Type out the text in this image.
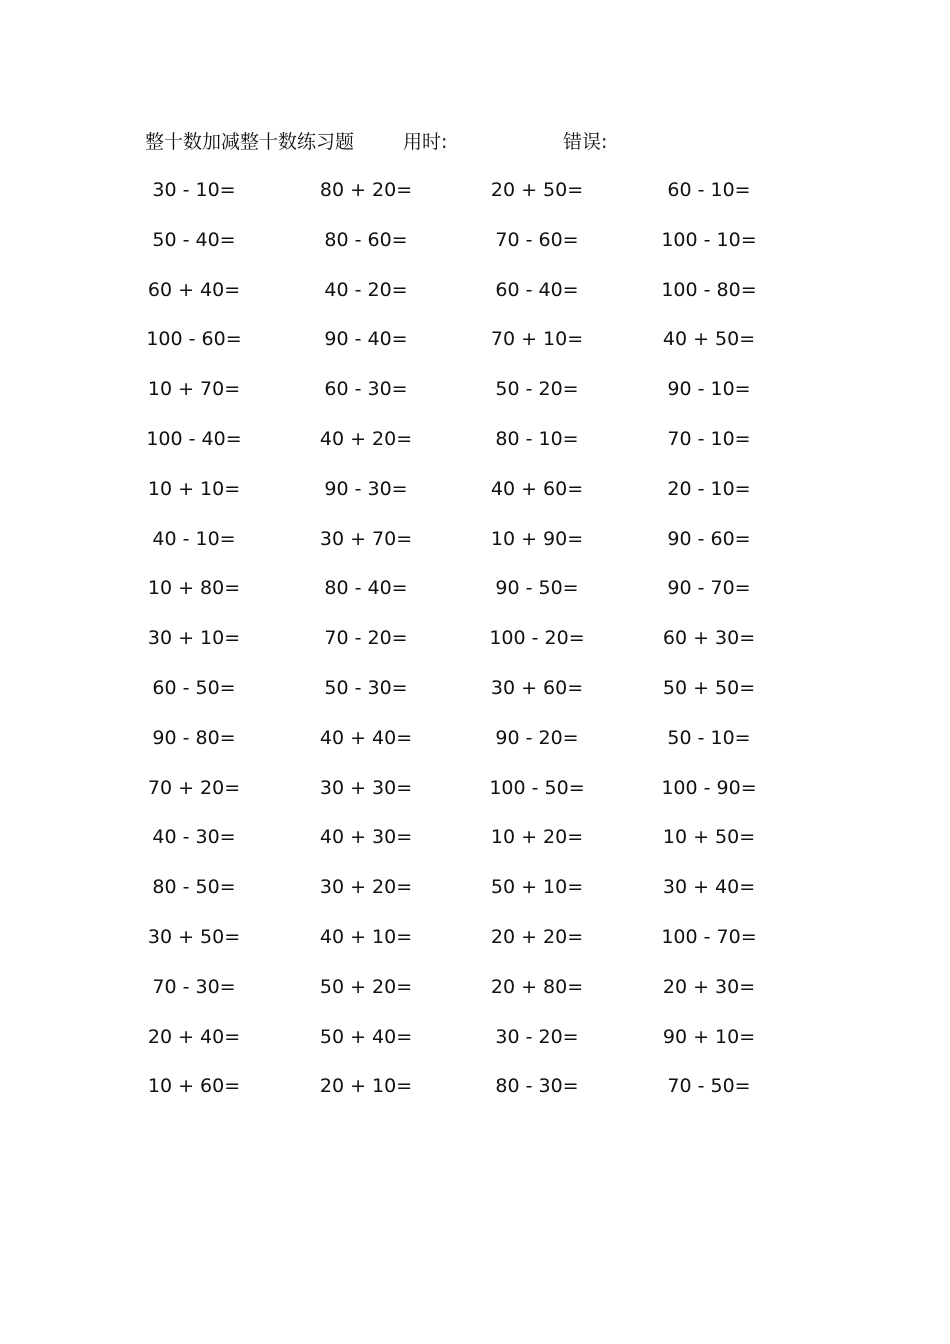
整十数加减整十数练习题	用时:	错误:
30 - 10=	80 + 20=	20 + 50=	60 - 10=
50 - 40=	80 - 60=	70 - 60=	100 - 10=
60 + 40=	40 - 20=	60 - 40=	100 - 80=
100 - 60=	90 - 40=	70 + 10=	40 + 50=
10 + 70=	60 - 30=	50 - 20=	90 - 10=
100 - 40=	40 + 20=	80 - 10=	70 - 10=
10 + 10=	90 - 30=	40 + 60=	20 - 10=
40 - 10=	30 + 70=	10 + 90=	90 - 60=
10 + 80=	80 - 40=	90 - 50=	90 - 70=
30 + 10=	70 - 20=	100 - 20=	60 + 30=
60 - 50=	50 - 30=	30 + 60=	50 + 50=
90 - 80=	40 + 40=	90 - 20=	50 - 10=
70 + 20=	30 + 30=	100 - 50=	100 - 90=
40 - 30=	40 + 30=	10 + 20=	10 + 50=
80 - 50=	30 + 20=	50 + 10=	30 + 40=
30 + 50=	40 + 10=	20 + 20=	100 - 70=
70 - 30=	50 + 20=	20 + 80=	20 + 30=
20 + 40=	50 + 40=	30 - 20=	90 + 10=
10 + 60=	20 + 10=	80 - 30=	70 - 50=
